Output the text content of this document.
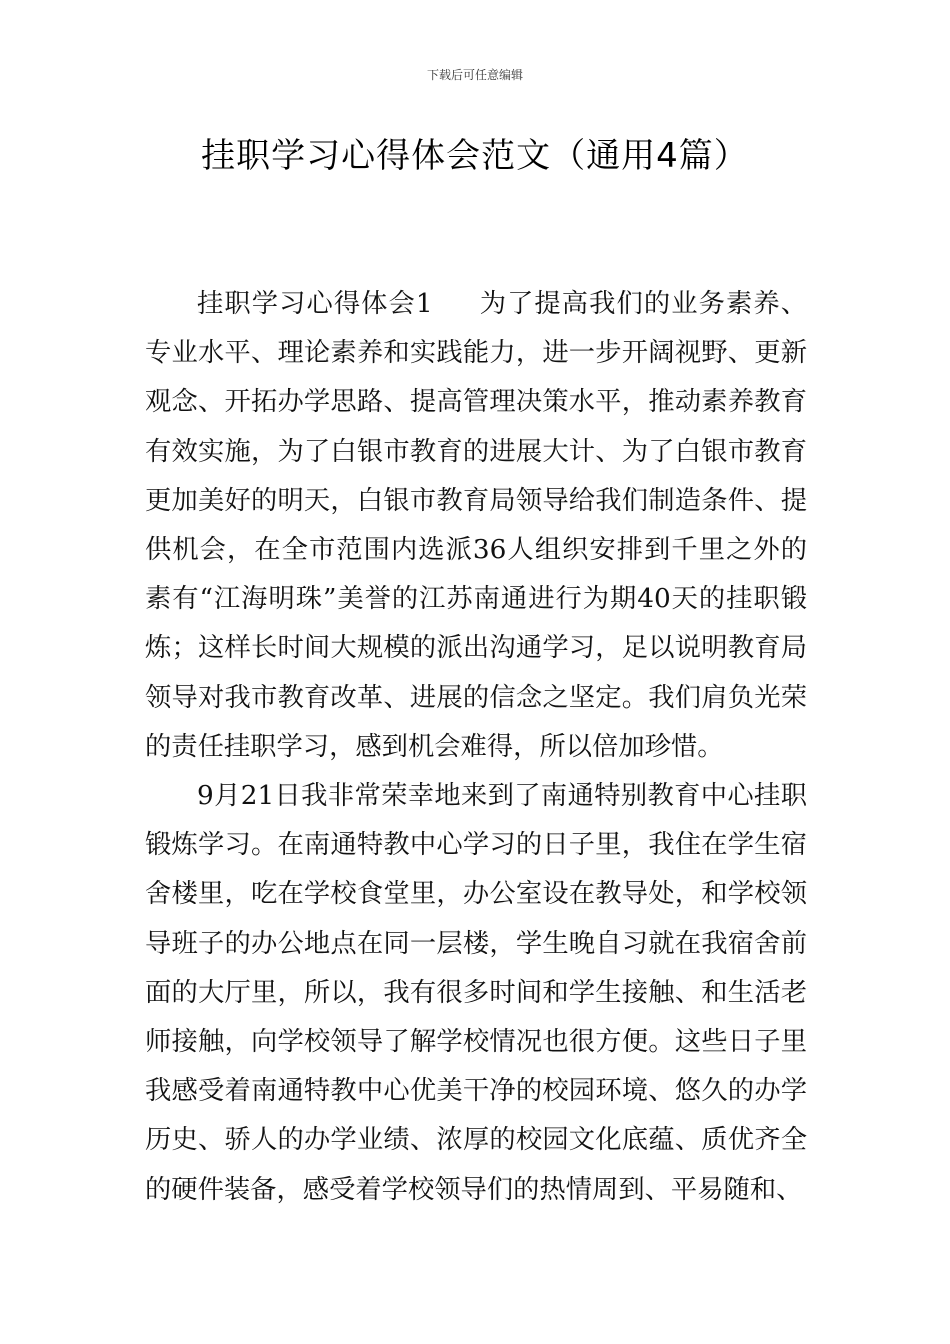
下载后可任意编辑
挂职学习心得体会范文（通用4篇）

挂职学习心得体会1 为了提高我们的业务素养、专业水平、理论素养和实践能力，进一步开阔视野、更新观念、开拓办学思路、提高管理决策水平，推动素养教育有效实施，为了白银市教育的进展大计、为了白银市教育更加美好的明天，白银市教育局领导给我们制造条件、提供机会，在全市范围内选派36人组织安排到千里之外的素有“江海明珠”美誉的江苏南通进行为期40天的挂职锻炼；这样长时间大规模的派出沟通学习，足以说明教育局领导对我市教育改革、进展的信念之坚定。我们肩负光荣的责任挂职学习，感到机会难得，所以倍加珍惜。

9月21日我非常荣幸地来到了南通特别教育中心挂职锻炼学习。在南通特教中心学习的日子里，我住在学生宿舍楼里，吃在学校食堂里，办公室设在教导处，和学校领导班子的办公地点在同一层楼，学生晚自习就在我宿舍前面的大厅里，所以，我有很多时间和学生接触、和生活老师接触，向学校领导了解学校情况也很方便。这些日子里我感受着南通特教中心优美干净的校园环境、悠久的办学历史、骄人的办学业绩、浓厚的校园文化底蕴、质优齐全的硬件装备，感受着学校领导们的热情周到、平易随和、
